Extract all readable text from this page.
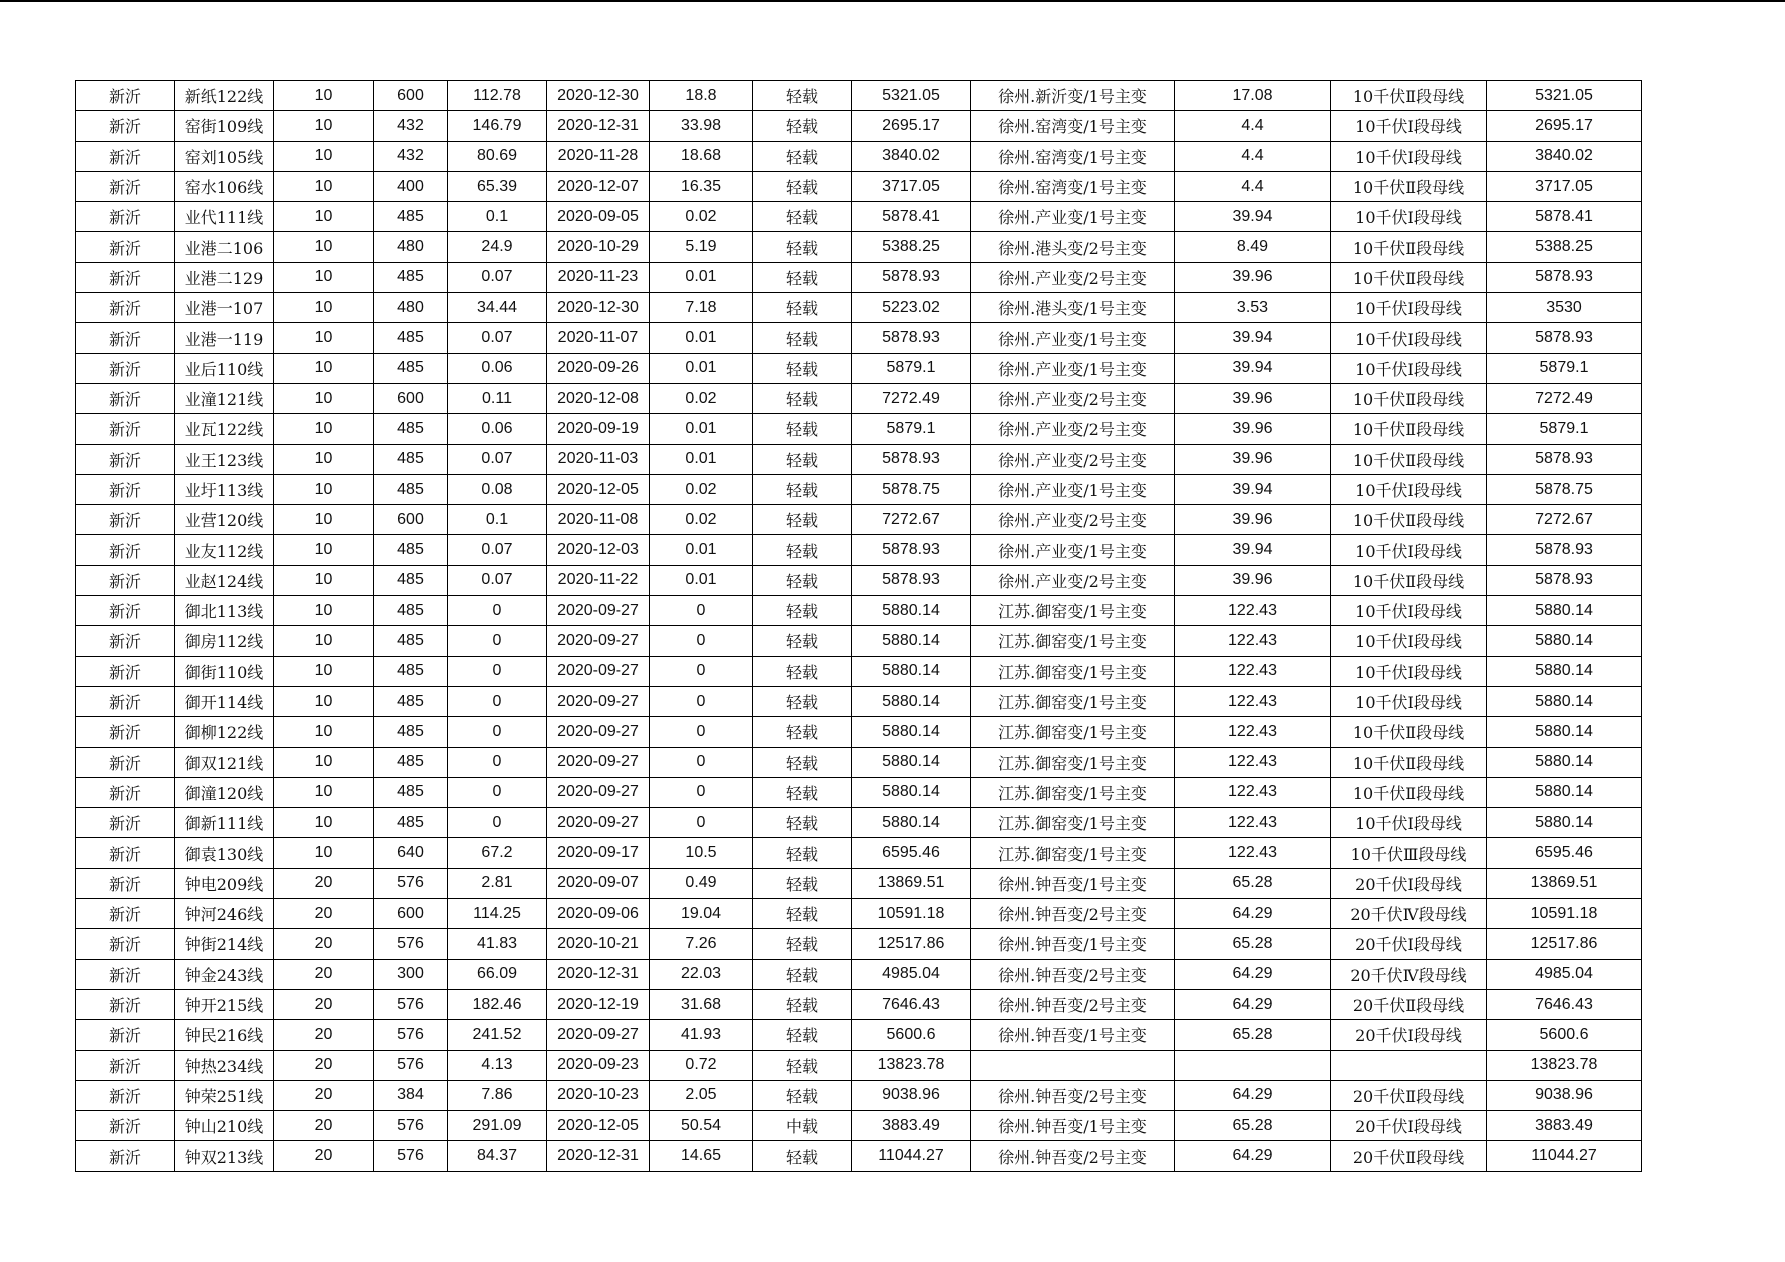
新沂	新纸122线	10	600	112.78	2020-12-30	18.8	轻载	5321.05	徐州.新沂变/1号主变	17.08	10千伏Ⅱ段母线	5321.05
新沂	窑街109线	10	432	146.79	2020-12-31	33.98	轻载	2695.17	徐州.窑湾变/1号主变	4.4	10千伏Ⅰ段母线	2695.17
新沂	窑刘105线	10	432	80.69	2020-11-28	18.68	轻载	3840.02	徐州.窑湾变/1号主变	4.4	10千伏Ⅰ段母线	3840.02
新沂	窑水106线	10	400	65.39	2020-12-07	16.35	轻载	3717.05	徐州.窑湾变/1号主变	4.4	10千伏Ⅱ段母线	3717.05
新沂	业代111线	10	485	0.1	2020-09-05	0.02	轻载	5878.41	徐州.产业变/1号主变	39.94	10千伏Ⅰ段母线	5878.41
新沂	业港二106	10	480	24.9	2020-10-29	5.19	轻载	5388.25	徐州.港头变/2号主变	8.49	10千伏Ⅱ段母线	5388.25
新沂	业港二129	10	485	0.07	2020-11-23	0.01	轻载	5878.93	徐州.产业变/2号主变	39.96	10千伏Ⅱ段母线	5878.93
新沂	业港一107	10	480	34.44	2020-12-30	7.18	轻载	5223.02	徐州.港头变/1号主变	3.53	10千伏Ⅰ段母线	3530
新沂	业港一119	10	485	0.07	2020-11-07	0.01	轻载	5878.93	徐州.产业变/1号主变	39.94	10千伏Ⅰ段母线	5878.93
新沂	业后110线	10	485	0.06	2020-09-26	0.01	轻载	5879.1	徐州.产业变/1号主变	39.94	10千伏Ⅰ段母线	5879.1
新沂	业潼121线	10	600	0.11	2020-12-08	0.02	轻载	7272.49	徐州.产业变/2号主变	39.96	10千伏Ⅱ段母线	7272.49
新沂	业瓦122线	10	485	0.06	2020-09-19	0.01	轻载	5879.1	徐州.产业变/2号主变	39.96	10千伏Ⅱ段母线	5879.1
新沂	业王123线	10	485	0.07	2020-11-03	0.01	轻载	5878.93	徐州.产业变/2号主变	39.96	10千伏Ⅱ段母线	5878.93
新沂	业圩113线	10	485	0.08	2020-12-05	0.02	轻载	5878.75	徐州.产业变/1号主变	39.94	10千伏Ⅰ段母线	5878.75
新沂	业营120线	10	600	0.1	2020-11-08	0.02	轻载	7272.67	徐州.产业变/2号主变	39.96	10千伏Ⅱ段母线	7272.67
新沂	业友112线	10	485	0.07	2020-12-03	0.01	轻载	5878.93	徐州.产业变/1号主变	39.94	10千伏Ⅰ段母线	5878.93
新沂	业赵124线	10	485	0.07	2020-11-22	0.01	轻载	5878.93	徐州.产业变/2号主变	39.96	10千伏Ⅱ段母线	5878.93
新沂	御北113线	10	485	0	2020-09-27	0	轻载	5880.14	江苏.御窑变/1号主变	122.43	10千伏Ⅰ段母线	5880.14
新沂	御房112线	10	485	0	2020-09-27	0	轻载	5880.14	江苏.御窑变/1号主变	122.43	10千伏Ⅰ段母线	5880.14
新沂	御街110线	10	485	0	2020-09-27	0	轻载	5880.14	江苏.御窑变/1号主变	122.43	10千伏Ⅰ段母线	5880.14
新沂	御开114线	10	485	0	2020-09-27	0	轻载	5880.14	江苏.御窑变/1号主变	122.43	10千伏Ⅰ段母线	5880.14
新沂	御柳122线	10	485	0	2020-09-27	0	轻载	5880.14	江苏.御窑变/1号主变	122.43	10千伏Ⅱ段母线	5880.14
新沂	御双121线	10	485	0	2020-09-27	0	轻载	5880.14	江苏.御窑变/1号主变	122.43	10千伏Ⅱ段母线	5880.14
新沂	御潼120线	10	485	0	2020-09-27	0	轻载	5880.14	江苏.御窑变/1号主变	122.43	10千伏Ⅱ段母线	5880.14
新沂	御新111线	10	485	0	2020-09-27	0	轻载	5880.14	江苏.御窑变/1号主变	122.43	10千伏Ⅰ段母线	5880.14
新沂	御袁130线	10	640	67.2	2020-09-17	10.5	轻载	6595.46	江苏.御窑变/1号主变	122.43	10千伏Ⅲ段母线	6595.46
新沂	钟电209线	20	576	2.81	2020-09-07	0.49	轻载	13869.51	徐州.钟吾变/1号主变	65.28	20千伏Ⅰ段母线	13869.51
新沂	钟河246线	20	600	114.25	2020-09-06	19.04	轻载	10591.18	徐州.钟吾变/2号主变	64.29	20千伏Ⅳ段母线	10591.18
新沂	钟街214线	20	576	41.83	2020-10-21	7.26	轻载	12517.86	徐州.钟吾变/1号主变	65.28	20千伏Ⅰ段母线	12517.86
新沂	钟金243线	20	300	66.09	2020-12-31	22.03	轻载	4985.04	徐州.钟吾变/2号主变	64.29	20千伏Ⅳ段母线	4985.04
新沂	钟开215线	20	576	182.46	2020-12-19	31.68	轻载	7646.43	徐州.钟吾变/2号主变	64.29	20千伏Ⅱ段母线	7646.43
新沂	钟民216线	20	576	241.52	2020-09-27	41.93	轻载	5600.6	徐州.钟吾变/1号主变	65.28	20千伏Ⅰ段母线	5600.6
新沂	钟热234线	20	576	4.13	2020-09-23	0.72	轻载	13823.78				13823.78
新沂	钟荣251线	20	384	7.86	2020-10-23	2.05	轻载	9038.96	徐州.钟吾变/2号主变	64.29	20千伏Ⅱ段母线	9038.96
新沂	钟山210线	20	576	291.09	2020-12-05	50.54	中载	3883.49	徐州.钟吾变/1号主变	65.28	20千伏Ⅰ段母线	3883.49
新沂	钟双213线	20	576	84.37	2020-12-31	14.65	轻载	11044.27	徐州.钟吾变/2号主变	64.29	20千伏Ⅱ段母线	11044.27
